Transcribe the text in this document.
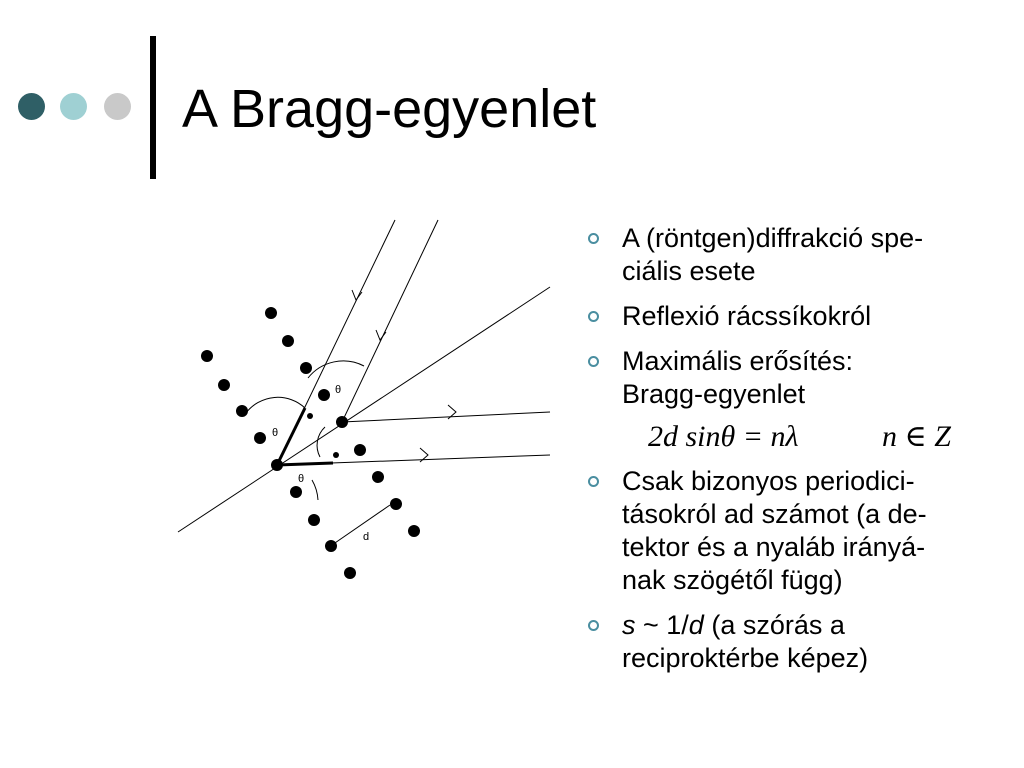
A Bragg-egyenlet
θ
θ
θ
d
A (röntgen)diffrakció spe-
ciális esete
Reflexió rácssíkokról
Maximális erősítés:
Bragg-egyenlet
2d sinθ = nλ	n ∈ Z
Csak bizonyos periodici-
tásokról ad számot (a de-
tektor és a nyaláb irányá-
nak szögétől függ)
s ~ 1/d (a szórás a
reciproktérbe képez)
